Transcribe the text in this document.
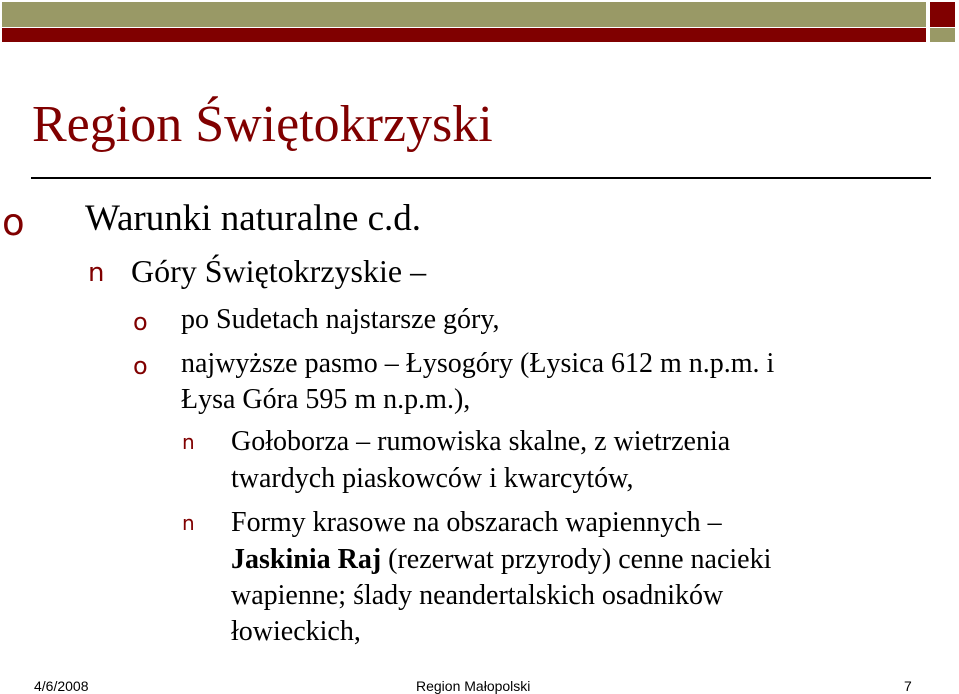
Region Świętokrzyski
o Warunki naturalne c.d.
n Góry Świętokrzyskie –
o po Sudetach najstarsze góry,
o najwyższe pasmo – Łysogóry (Łysica 612 m n.p.m. i
Łysa Góra 595 m n.p.m.),
n Gołoborza – rumowiska skalne, z wietrzenia
twardych piaskowców i kwarcytów,
n Formy krasowe na obszarach wapiennych –
Jaskinia Raj (rezerwat przyrody) cenne nacieki
wapienne; ślady neandertalskich osadników
łowieckich,
4/6/2008	Region Małopolski	7
